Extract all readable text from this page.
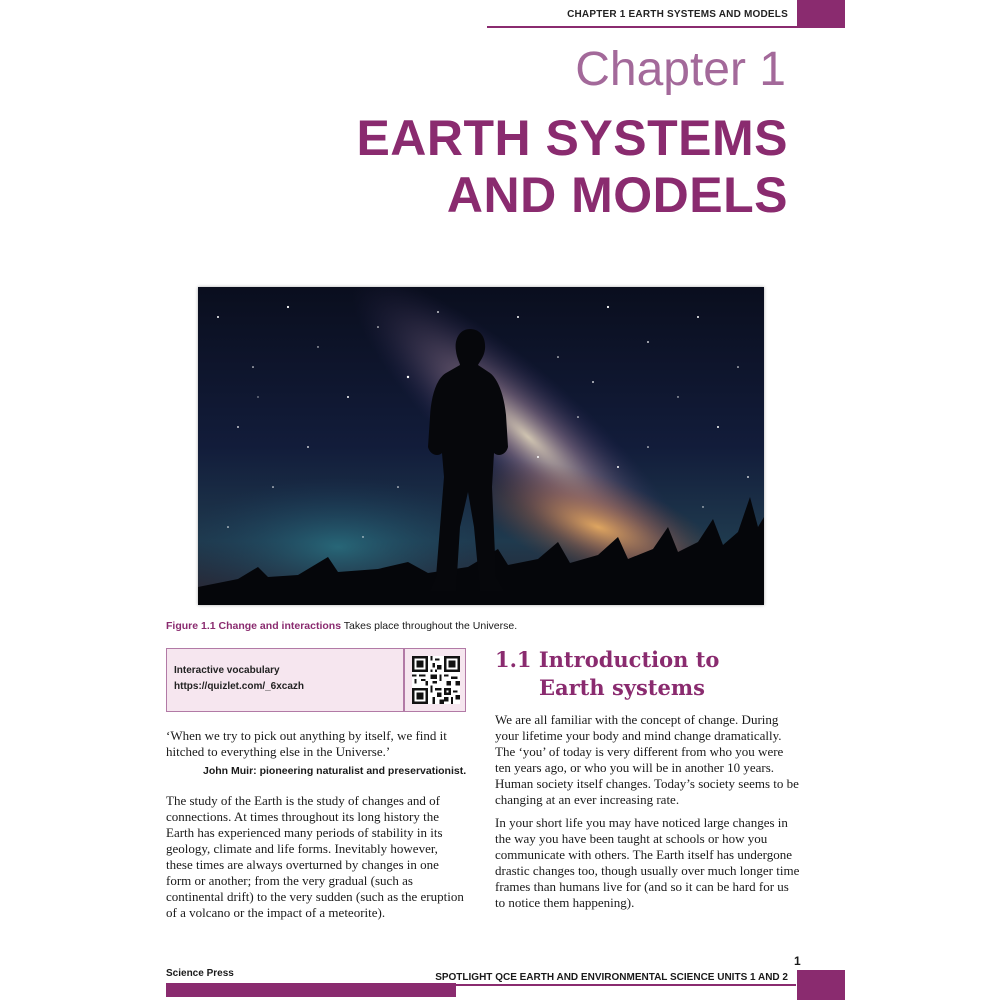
CHAPTER 1 EARTH SYSTEMS AND MODELS
Chapter 1
EARTH SYSTEMS
AND MODELS
Figure 1.1 Change and interactions Takes place throughout the Universe.
Interactive vocabulary
https://quizlet.com/_6xcazh
‘When we try to pick out anything by itself, we find it hitched to everything else in the Universe.’
John Muir: pioneering naturalist and preservationist.
The study of the Earth is the study of changes and of connections. At times throughout its long history the Earth has experienced many periods of stability in its geology, climate and life forms. Inevitably however, these times are always overturned by changes in one form or another; from the very gradual (such as continental drift) to the very sudden (such as the eruption of a volcano or the impact of a meteorite).
1.1 Introduction to
Earth systems
We are all familiar with the concept of change. During your lifetime your body and mind change dramatically. The ‘you’ of today is very different from who you were ten years ago, or who you will be in another 10 years. Human society itself changes. Today’s society seems to be changing at an ever increasing rate.
In your short life you may have noticed large changes in the way you have been taught at schools or how you communicate with others. The Earth itself has undergone drastic changes too, though usually over much longer time frames than humans live for (and so it can be hard for us to notice them happening).
1
Science Press	SPOTLIGHT QCE EARTH AND ENVIRONMENTAL SCIENCE UNITS 1 AND 2
